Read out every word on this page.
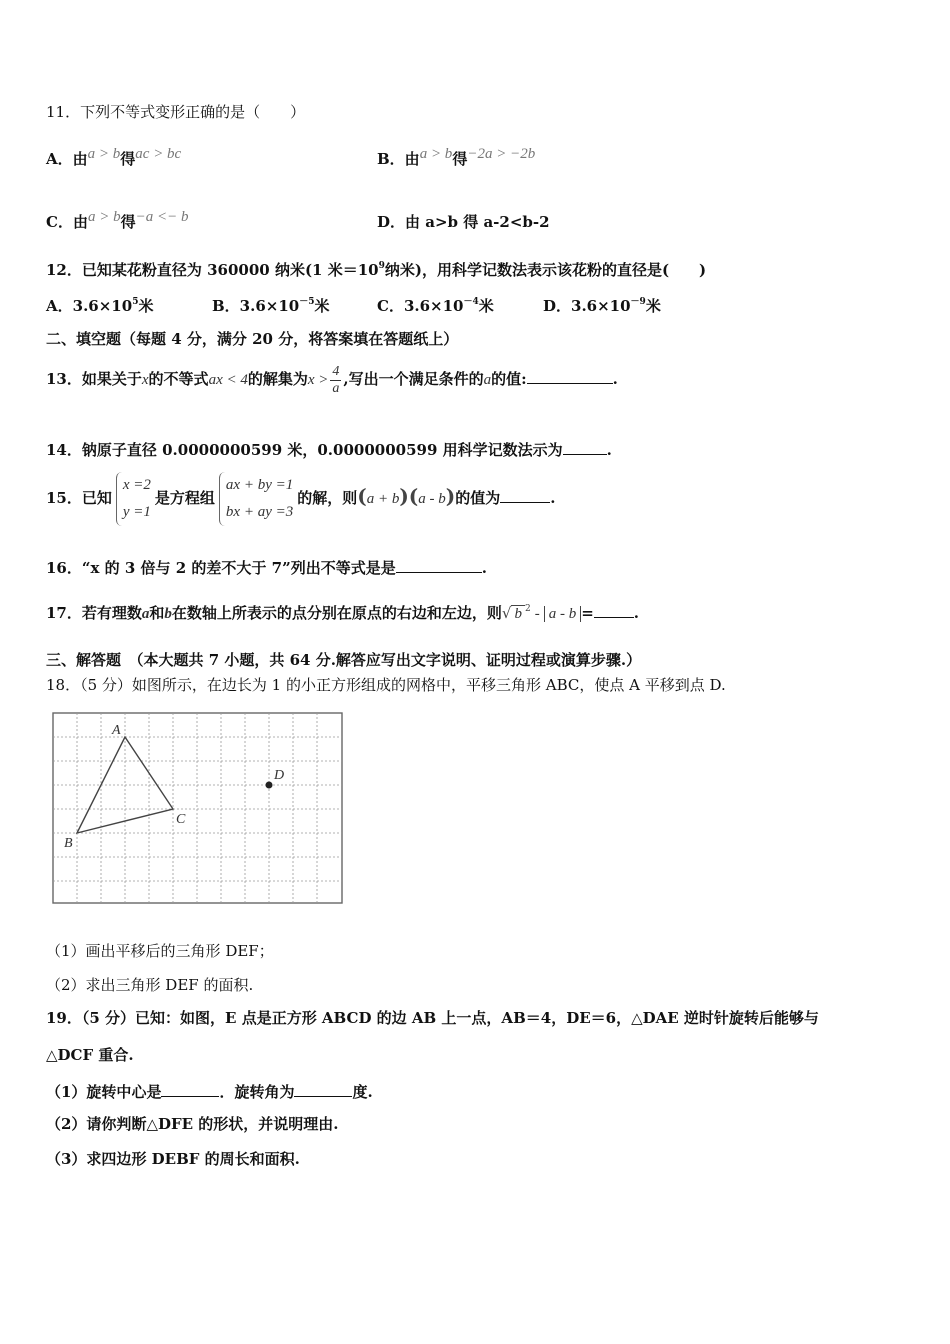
11．下列不等式变形正确的是（　　）
A．由a > b得ac > bc	B．由a > b得−2a > −2b
C．由a > b得−a <− b	D．由 a>b 得 a-2<b-2
12．已知某花粉直径为 360000 纳米(1 米$=10^9$纳米)，用科学记数法表示该花粉的直径是(　　)
A．$3.6\times 10^5$米	B．$3.6\times 10^{-5}$米	C．$3.6\times 10^{-4}$米	D．$3.6\times 10^{-9}$米
二、填空题（每题 4 分，满分 20 分，将答案填在答题纸上）
13．如果关于x的不等式ax < 4的解集为$x > \frac{4}{a}$ ,写出一个满足条件的a的值:	.
14．钠原子直径 0.0000000599 米，0.0000000599 用科学记数法示为	.
15．已知
x =2
y =1
是方程组
ax + by =1
bx + ay =3
的解，则(a + b)(a - b)的值为	.
16．“x 的 3 倍与 2 的差不大于 7”列出不等式是是	.
17．若有理数a和b在数轴上所表示的点分别在原点的右边和左边，则√ b $^2$ - a - b =	.
三、解答题　（本大题共 7 小题，共 64 分.解答应写出文字说明、证明过程或演算步骤.）
18．（5 分）如图所示，在边长为 1 的小正方形组成的网格中，平移三角形 ABC，使点 A 平移到点 D.
A
B
C
D
（1）画出平移后的三角形 DEF；
（2）求出三角形 DEF 的面积.
19．（5 分）已知：如图，E 点是正方形 ABCD 的边 AB 上一点，AB＝4，DE＝6，△DAE 逆时针旋转后能够与
△DCF 重合.
（1）旋转中心是	．旋转角为	度.
（2）请你判断△DFE 的形状，并说明理由.
（3）求四边形 DEBF 的周长和面积.
